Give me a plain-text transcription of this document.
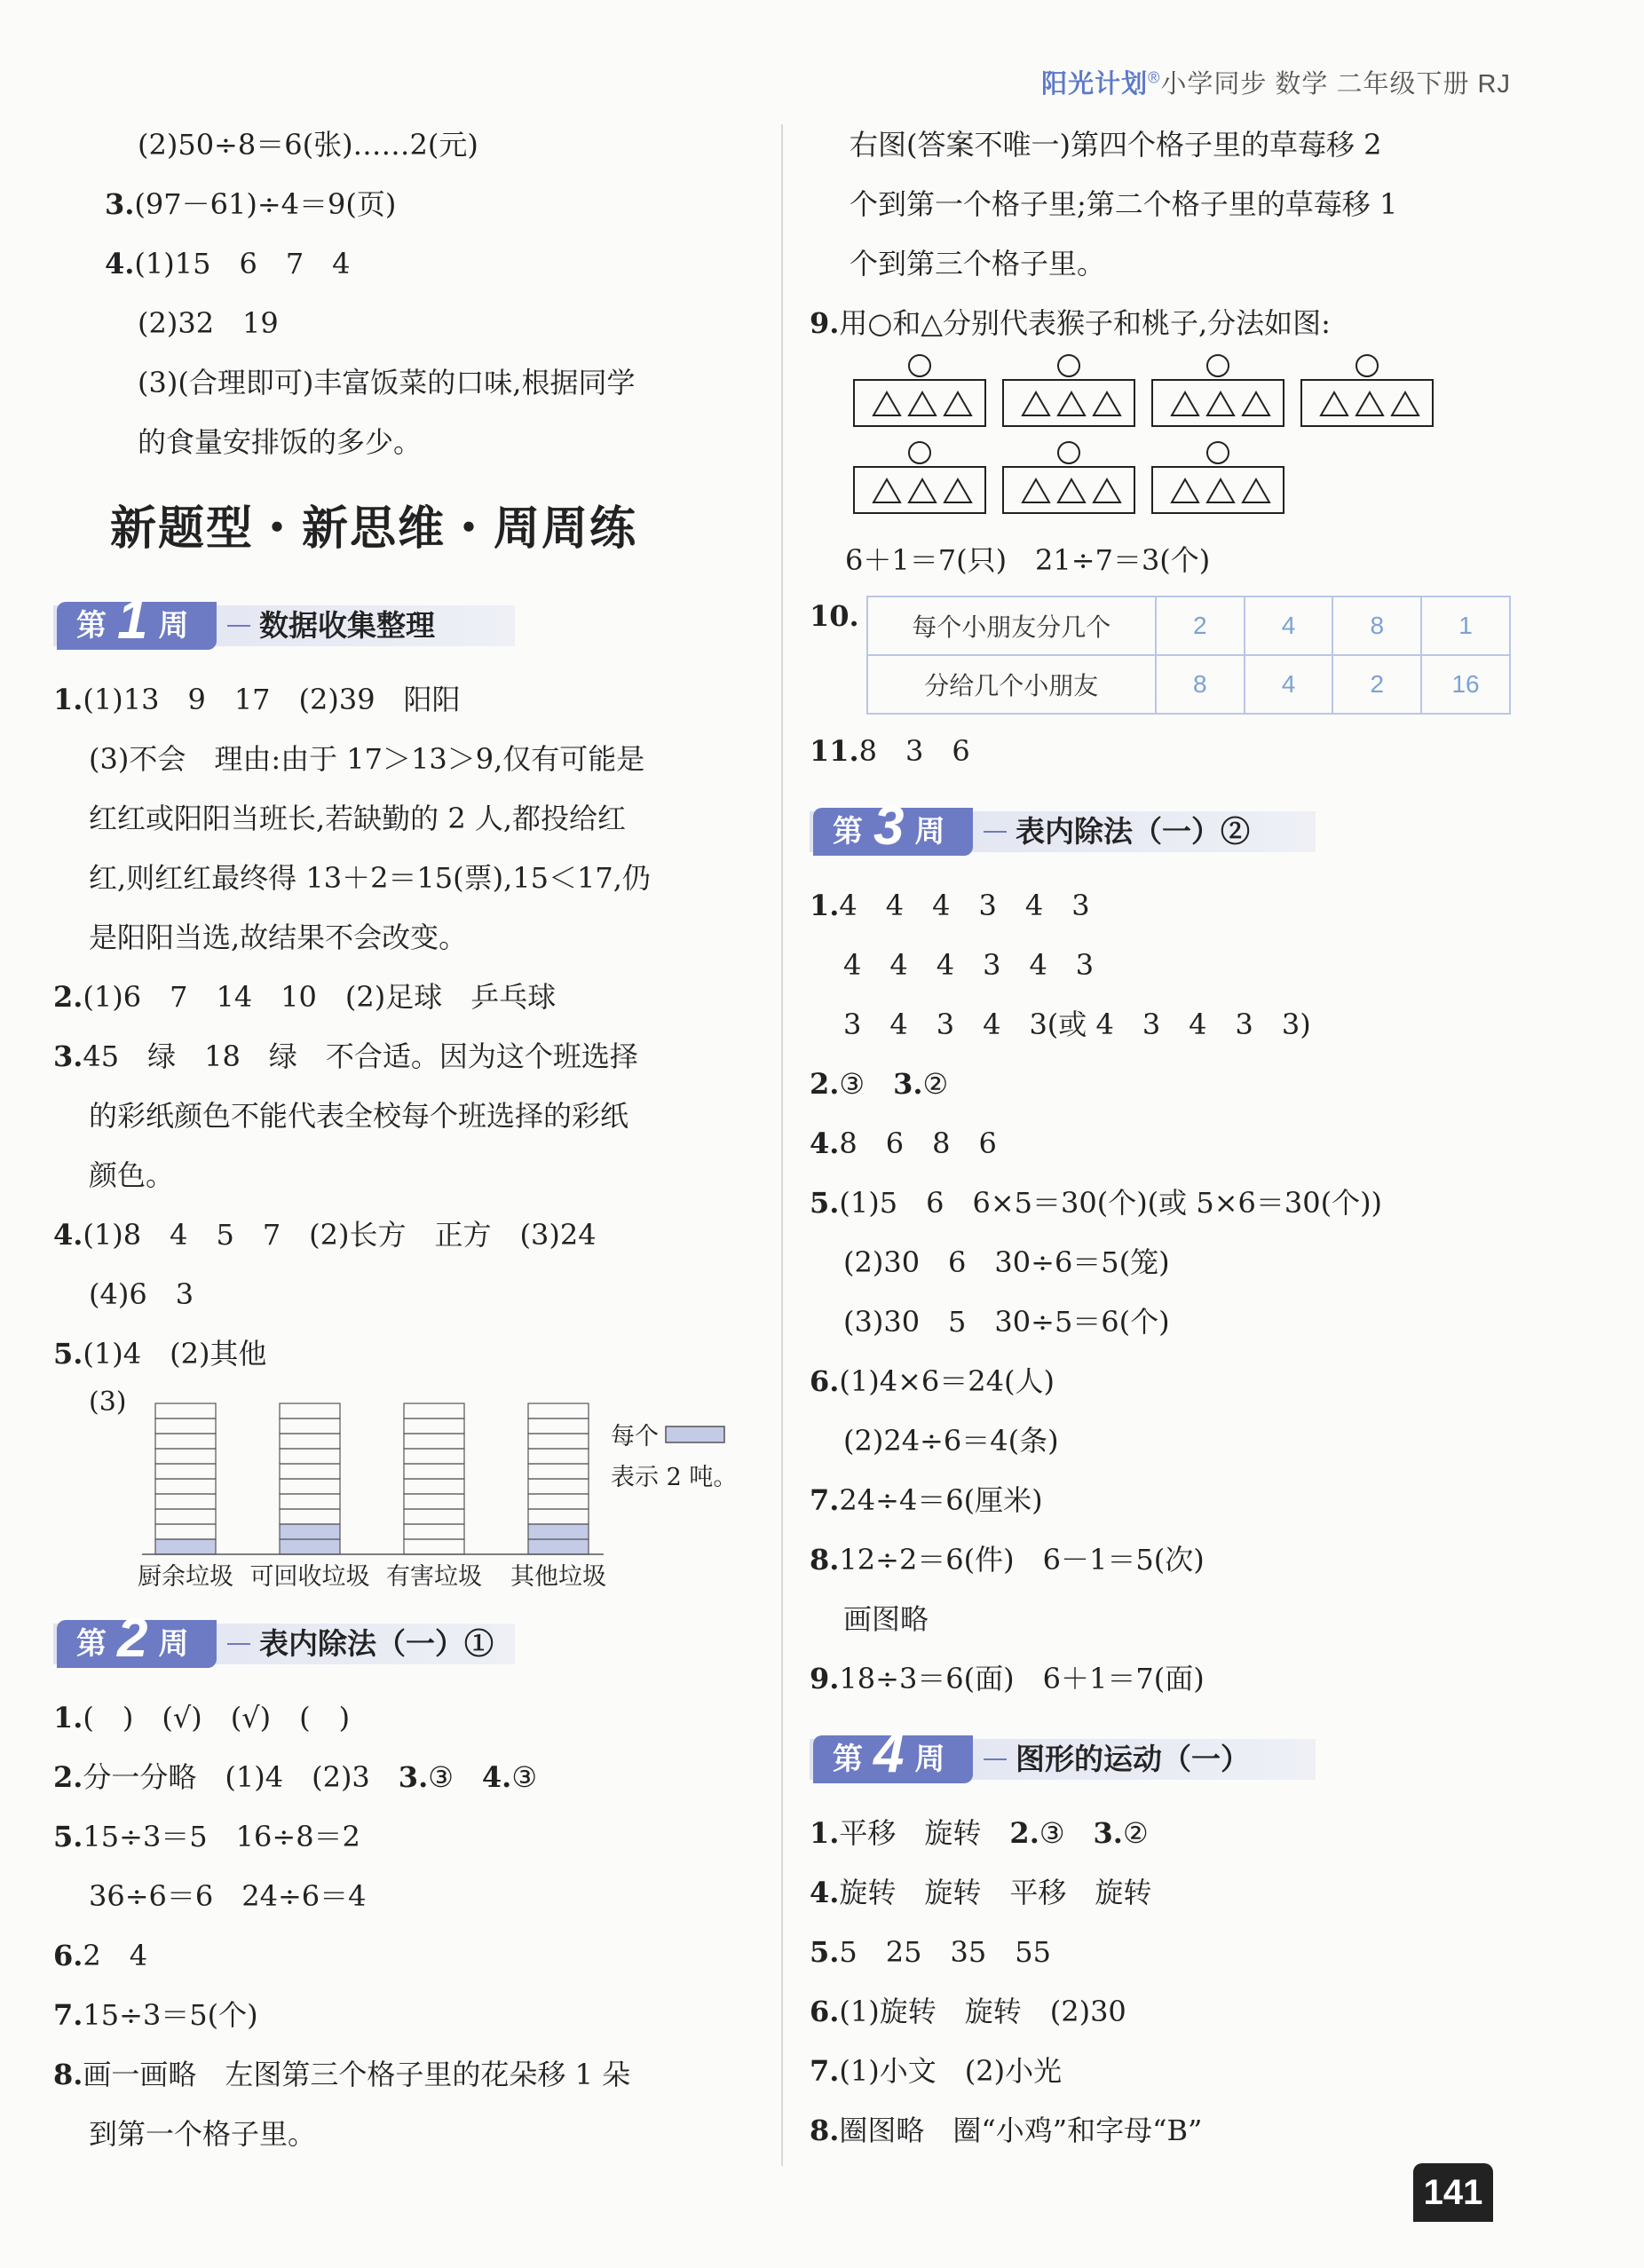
阳光计划®小学同步 数学 二年级下册 RJ
(2)50÷8＝6(张)……2(元)
3.(97－61)÷4＝9(页)
4.(1)15　6　7　4
(2)32　19
(3)(合理即可)丰富饭菜的口味,根据同学
的食量安排饭的多少。
新题型・新思维・周周练
第 1 周	数据收集整理
1.(1)13　9　17　(2)39　阳阳
(3)不会　理由:由于 17＞13＞9,仅有可能是
红红或阳阳当班长,若缺勤的 2 人,都投给红
红,则红红最终得 13＋2＝15(票),15＜17,仍
是阳阳当选,故结果不会改变。
2.(1)6　7　14　10　(2)足球　乒乓球
3.45　绿　18　绿　不合适。因为这个班选择
的彩纸颜色不能代表全校每个班选择的彩纸
颜色。
4.(1)8　4　5　7　(2)长方　正方　(3)24
(4)6　3
5.(1)4　(2)其他
(3)
厨余垃圾 可回收垃圾 有害垃圾 其他垃圾
每个
表示 2 吨。
第 2 周	表内除法（一）①
1.(　)　(√)　(√)　(　)
2.分一分略　(1)4　(2)3　3.③　4.③
5.15÷3＝5　16÷8＝2
36÷6＝6　24÷6＝4
6.2　4
7.15÷3＝5(个)
8.画一画略　左图第三个格子里的花朵移 1 朵
到第一个格子里。
右图(答案不唯一)第四个格子里的草莓移 2
个到第一个格子里;第二个格子里的草莓移 1
个到第三个格子里。
9.用○和△分别代表猴子和桃子,分法如图:
6＋1＝7(只)　21÷7＝3(个)
10. 每个小朋友分几个	2	4	8	1
分给几个小朋友	8	4	2	16
11.8　3　6
第 3 周	表内除法（一）②
1.4　4　4　3　4　3
4　4　4　3　4　3
3　4　3　4　3(或 4　3　4　3　3)
2.③　3.②
4.8　6　8　6
5.(1)5　6　6×5＝30(个)(或 5×6＝30(个))
(2)30　6　30÷6＝5(笼)
(3)30　5　30÷5＝6(个)
6.(1)4×6＝24(人)
(2)24÷6＝4(条)
7.24÷4＝6(厘米)
8.12÷2＝6(件)　6－1＝5(次)
画图略
9.18÷3＝6(面)　6＋1＝7(面)
第 4 周	图形的运动（一）
1.平移　旋转　2.③　3.②
4.旋转　旋转　平移　旋转
5.5　25　35　55
6.(1)旋转　旋转　(2)30
7.(1)小文　(2)小光
8.圈图略　圈“小鸡”和字母“B”
141
